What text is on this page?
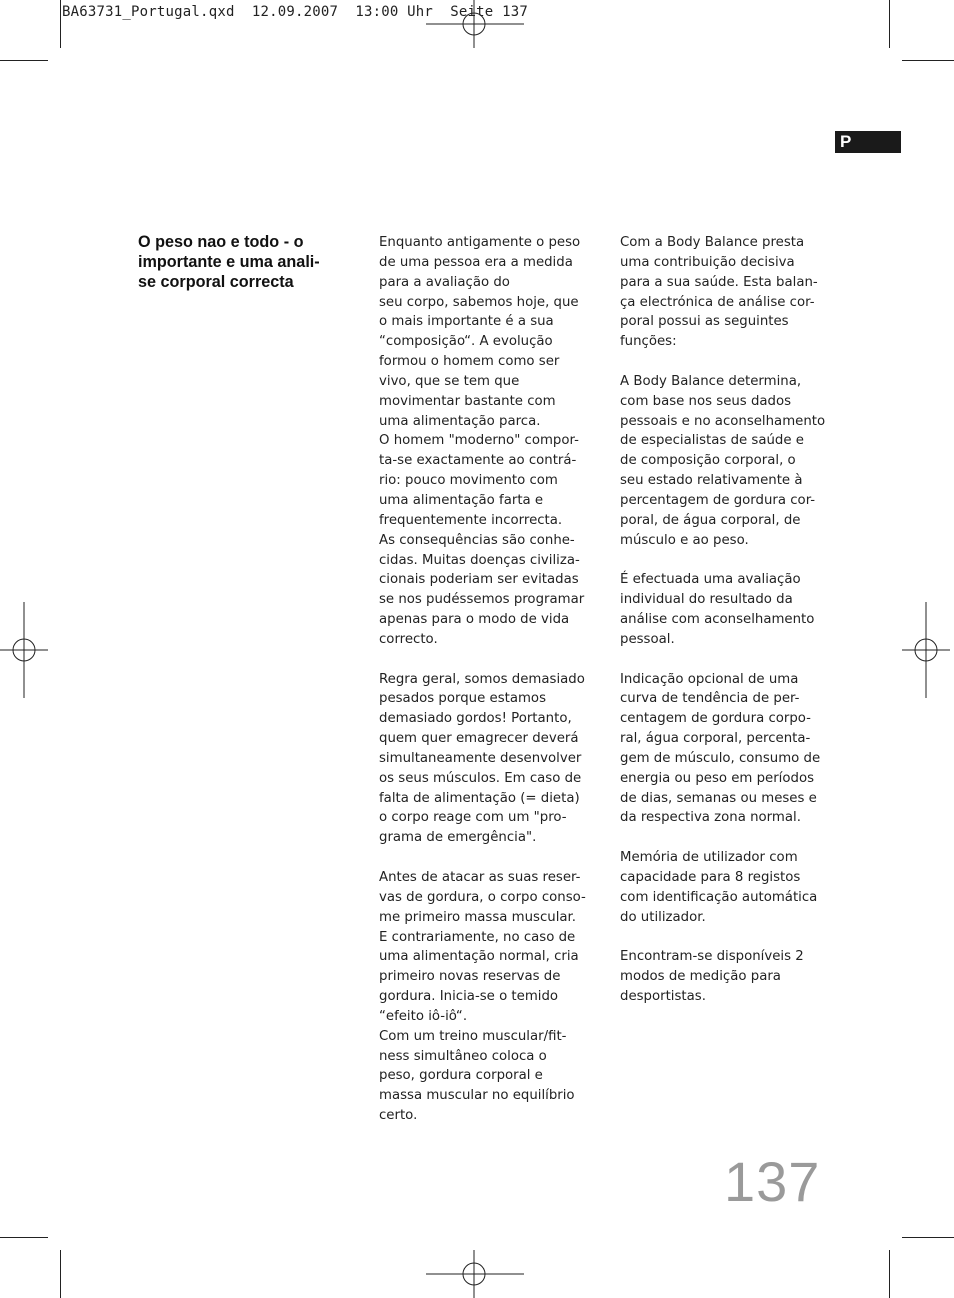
BA63731_Portugal.qxd  12.09.2007  13:00 Uhr  Seite 137
P
O peso nao e todo - o
importante e uma anali-
se corporal correcta

Enquanto antigamente o peso
de uma pessoa era a medida
para a avaliação do
seu corpo, sabemos hoje, que
o mais importante é a sua
“composição“. A evolução
formou o homem como ser
vivo, que se tem que
movimentar bastante com
uma alimentação parca.
O homem "moderno" compor-
ta-se exactamente ao contrá-
rio: pouco movimento com
uma alimentação farta e
frequentemente incorrecta.
As consequências são conhe-
cidas. Muitas doenças civiliza-
cionais poderiam ser evitadas
se nos pudéssemos programar
apenas para o modo de vida
correcto.

Regra geral, somos demasiado
pesados porque estamos
demasiado gordos! Portanto,
quem quer emagrecer deverá
simultaneamente desenvolver
os seus músculos. Em caso de
falta de alimentação (= dieta)
o corpo reage com um "pro-
grama de emergência".

Antes de atacar as suas reser-
vas de gordura, o corpo conso-
me primeiro massa muscular.
E contrariamente, no caso de
uma alimentação normal, cria
primeiro novas reservas de
gordura. Inicia-se o temido
“efeito iô-iô“.
Com um treino muscular/fit-
ness simultâneo coloca o
peso, gordura corporal e
massa muscular no equilíbrio
certo.

Com a Body Balance presta
uma contribuição decisiva
para a sua saúde. Esta balan-
ça electrónica de análise cor-
poral possui as seguintes
funções:

A Body Balance determina,
com base nos seus dados
pessoais e no aconselhamento
de especialistas de saúde e
de composição corporal, o
seu estado relativamente à
percentagem de gordura cor-
poral, de água corporal, de
músculo e ao peso.

É efectuada uma avaliação
individual do resultado da
análise com aconselhamento
pessoal.

Indicação opcional de uma
curva de tendência de per-
centagem de gordura corpo-
ral, água corporal, percenta-
gem de músculo, consumo de
energia ou peso em períodos
de dias, semanas ou meses e
da respectiva zona normal.

Memória de utilizador com
capacidade para 8 registos
com identificação automática
do utilizador.

Encontram-se disponíveis 2
modos de medição para
desportistas.

137
